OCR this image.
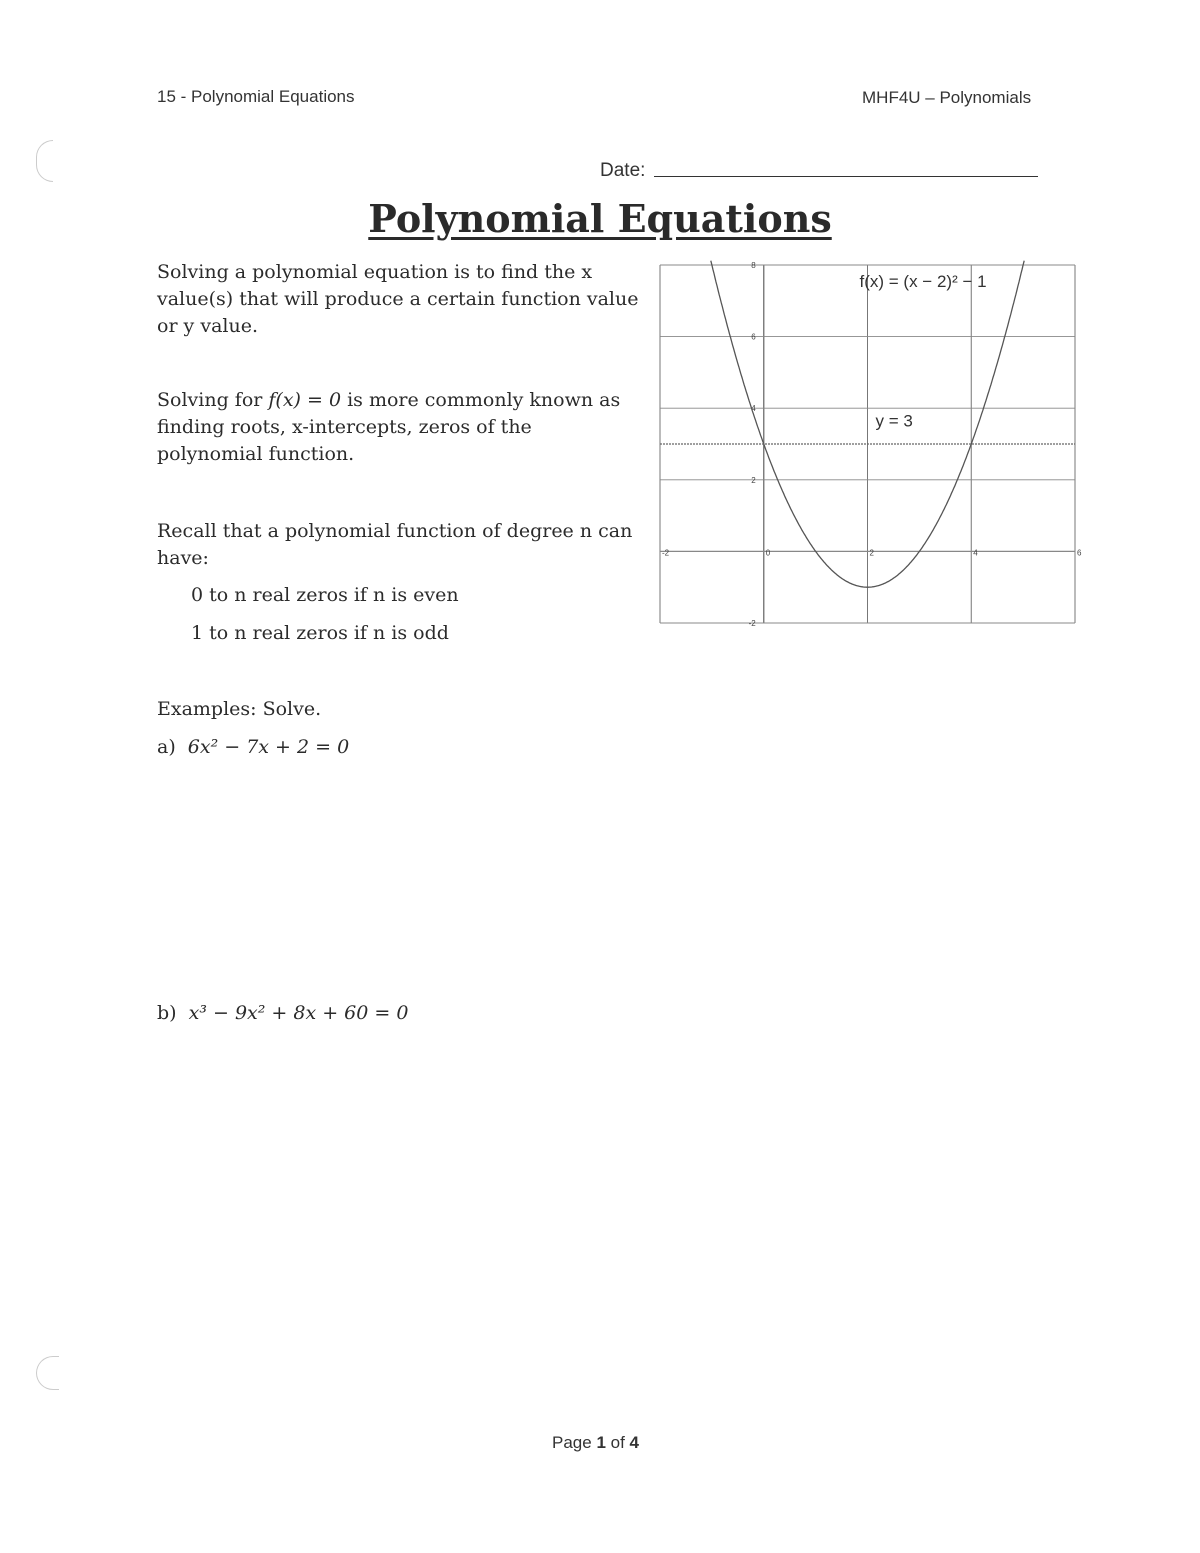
15 - Polynomial Equations	MHF4U – Polynomials
Date:
Polynomial Equations
Solving a polynomial equation is to find the x
value(s) that will produce a certain function value
or y value.
Solving for f(x) = 0 is more commonly known as
finding roots, x-intercepts, zeros of the
polynomial function.
Recall that a polynomial function of degree n can
have:
0 to n real zeros if n is even
1 to n real zeros if n is odd
Examples: Solve.
a) 6x² − 7x + 2 = 0
b) x³ − 9x² + 8x + 60 = 0
Page 1 of 4
-2	0	2	4	6
8
6
4
2
-2
f(x) = (x − 2)² − 1
y = 3
